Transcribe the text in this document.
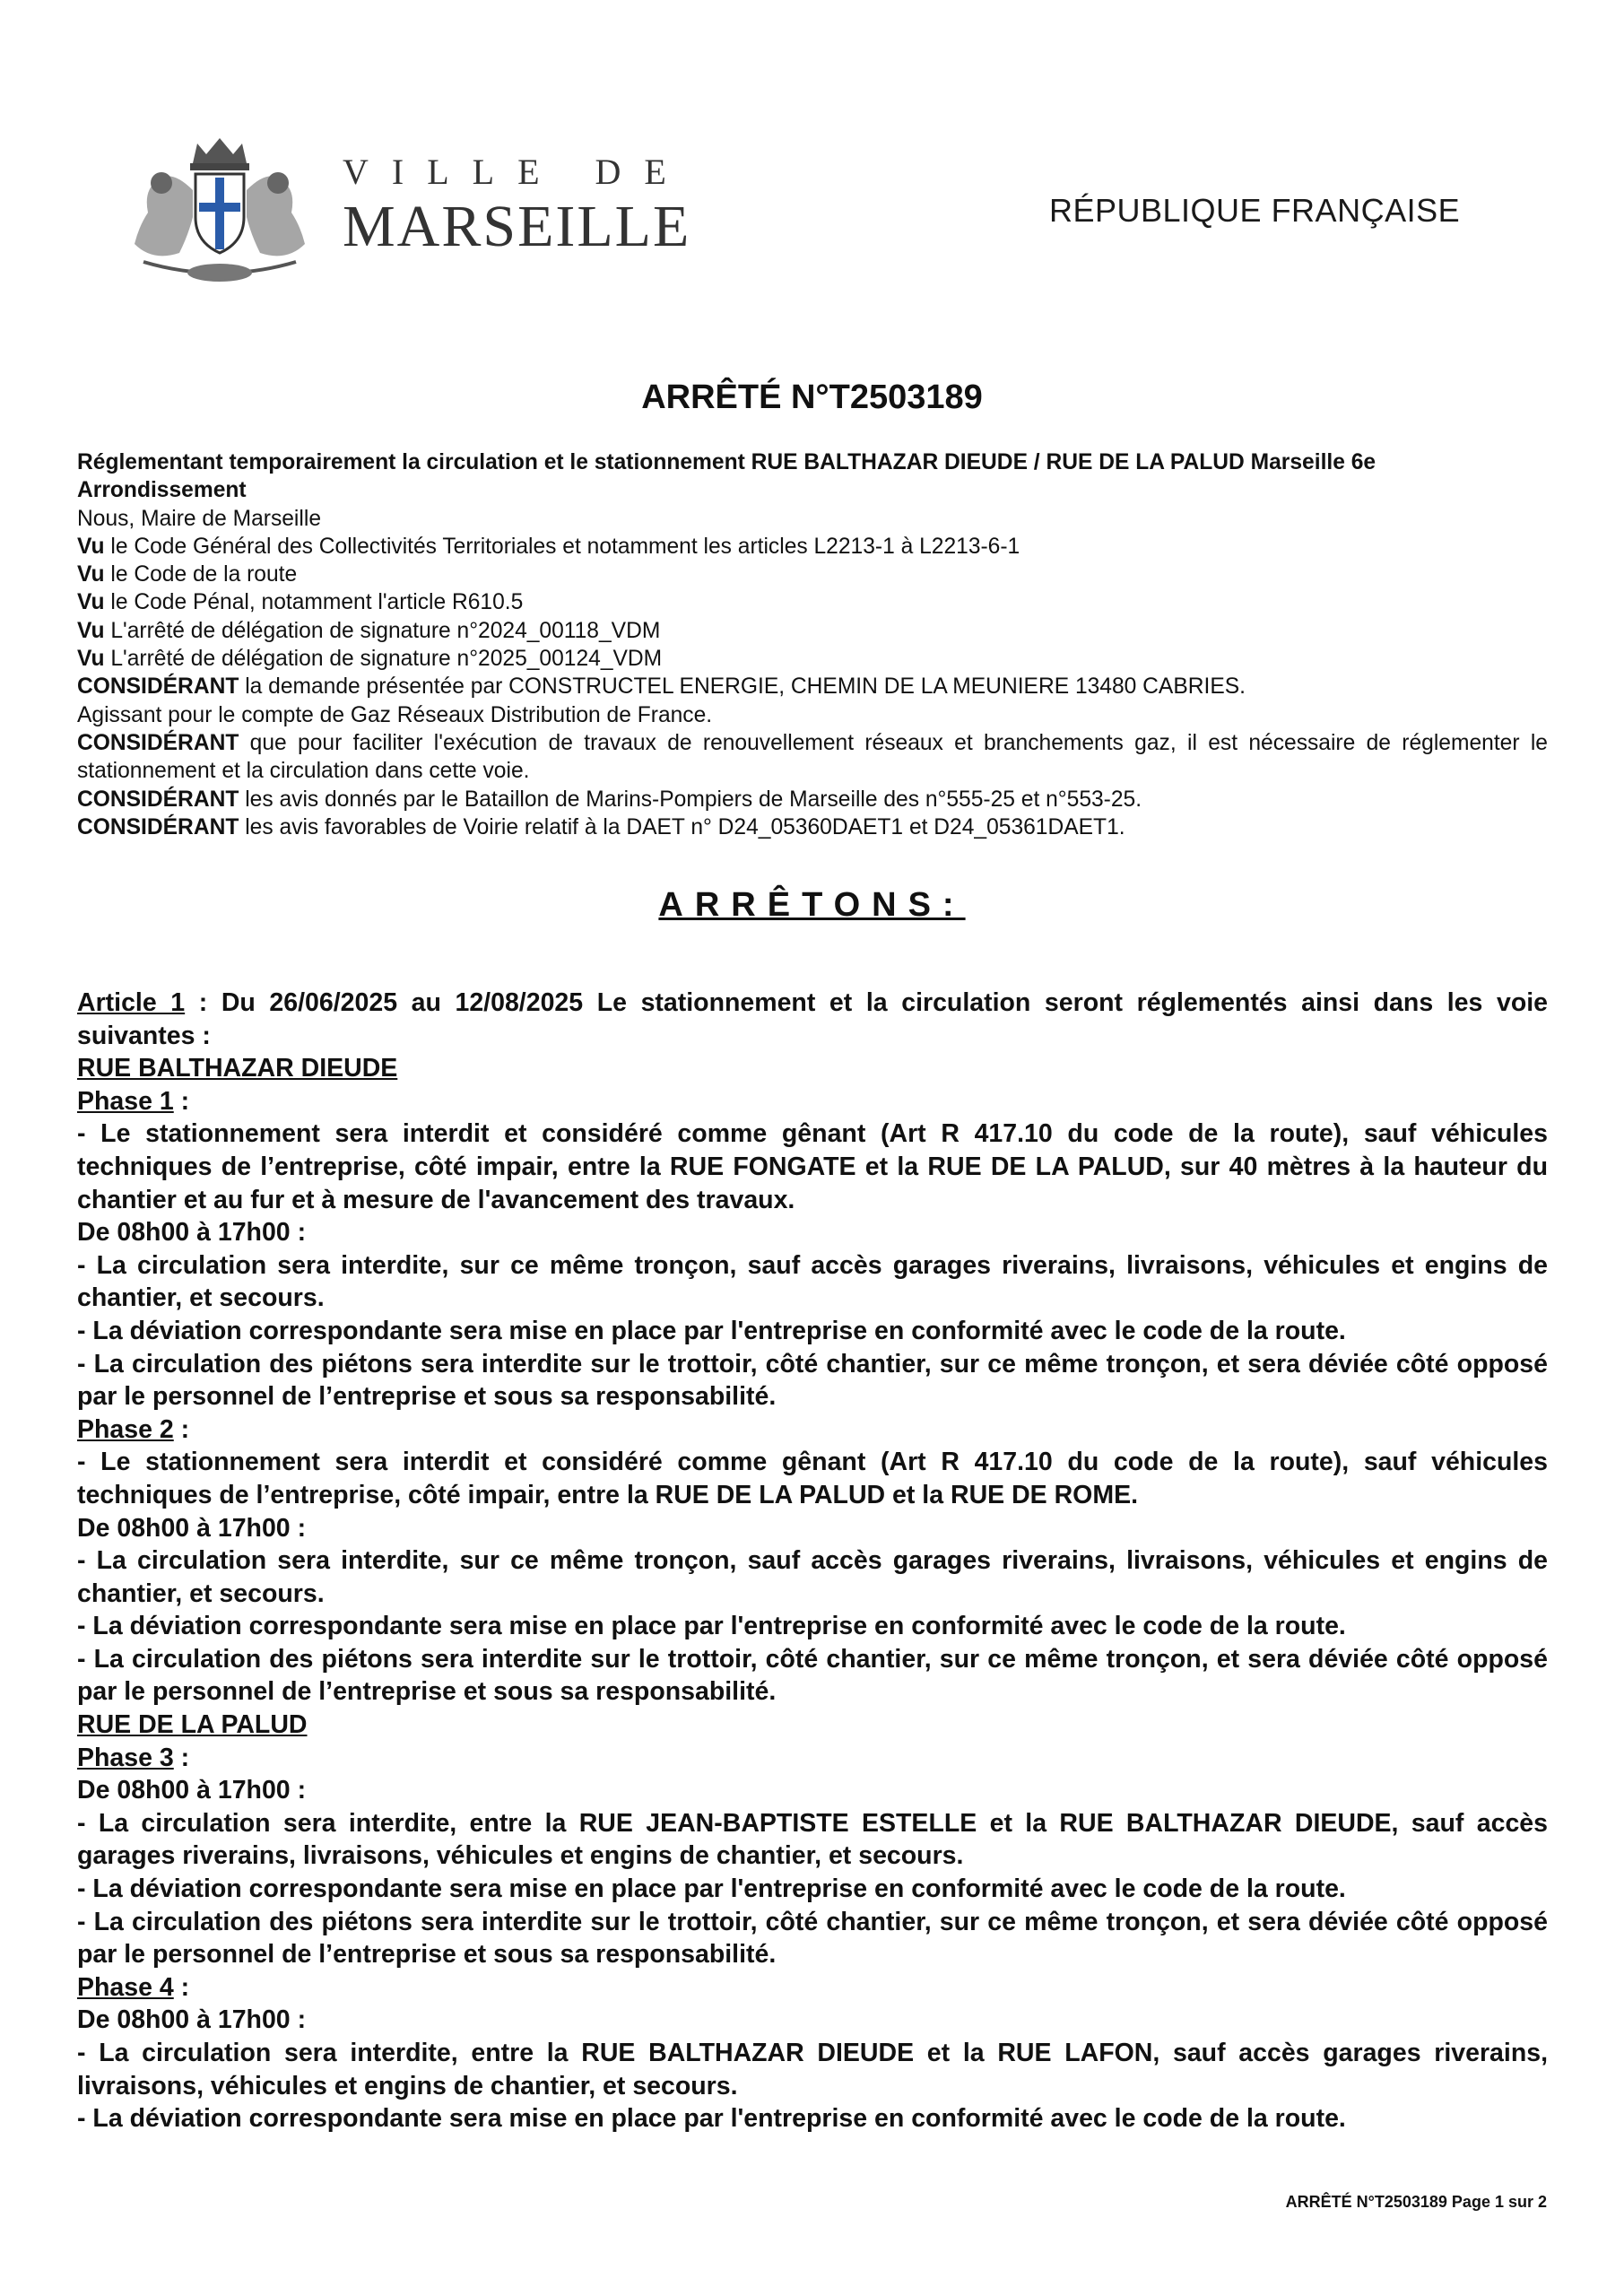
VILLE DE
MARSEILLE	RÉPUBLIQUE FRANÇAISE
ARRÊTÉ N°T2503189

Réglementant temporairement la circulation et le stationnement RUE BALTHAZAR DIEUDE / RUE DE LA PALUD Marseille 6e Arrondissement

Nous, Maire de Marseille

Vu le Code Général des Collectivités Territoriales et notamment les articles L2213-1 à L2213-6-1

Vu le Code de la route

Vu le Code Pénal, notamment l'article R610.5

Vu L'arrêté de délégation de signature n°2024_00118_VDM

Vu L'arrêté de délégation de signature n°2025_00124_VDM

CONSIDÉRANT la demande présentée par CONSTRUCTEL ENERGIE, CHEMIN DE LA MEUNIERE 13480 CABRIES.

Agissant pour le compte de Gaz Réseaux Distribution de France.

CONSIDÉRANT que pour faciliter l'exécution de travaux de renouvellement réseaux et branchements gaz, il est nécessaire de réglementer le stationnement et la circulation dans cette voie.

CONSIDÉRANT les avis donnés par le Bataillon de Marins-Pompiers de Marseille des n°555-25 et n°553-25.

CONSIDÉRANT les avis favorables de Voirie relatif à la DAET n° D24_05360DAET1 et D24_05361DAET1.

ARRÊTONS:

Article 1 : Du 26/06/2025 au 12/08/2025 Le stationnement et la circulation seront réglementés ainsi dans les voie suivantes :

RUE BALTHAZAR DIEUDE

Phase 1 :

- Le stationnement sera interdit et considéré comme gênant (Art R 417.10 du code de la route), sauf véhicules techniques de l’entreprise, côté impair, entre la RUE FONGATE et la RUE DE LA PALUD, sur 40 mètres à la hauteur du chantier et au fur et à mesure de l'avancement des travaux.

De 08h00 à 17h00 :

- La circulation sera interdite, sur ce même tronçon, sauf accès garages riverains, livraisons, véhicules et engins de chantier, et secours.

- La déviation correspondante sera mise en place par l'entreprise en conformité avec le code de la route.

- La circulation des piétons sera interdite sur le trottoir, côté chantier, sur ce même tronçon, et sera déviée côté opposé par le personnel de l’entreprise et sous sa responsabilité.

Phase 2 :

- Le stationnement sera interdit et considéré comme gênant (Art R 417.10 du code de la route), sauf véhicules techniques de l’entreprise, côté impair, entre la RUE DE LA PALUD et la RUE DE ROME.

De 08h00 à 17h00 :

- La circulation sera interdite, sur ce même tronçon, sauf accès garages riverains, livraisons, véhicules et engins de chantier, et secours.

- La déviation correspondante sera mise en place par l'entreprise en conformité avec le code de la route.

- La circulation des piétons sera interdite sur le trottoir, côté chantier, sur ce même tronçon, et sera déviée côté opposé par le personnel de l’entreprise et sous sa responsabilité.

RUE DE LA PALUD

Phase 3 :

De 08h00 à 17h00 :

- La circulation sera interdite, entre la RUE JEAN-BAPTISTE ESTELLE et la RUE BALTHAZAR DIEUDE, sauf accès garages riverains, livraisons, véhicules et engins de chantier, et secours.

- La déviation correspondante sera mise en place par l'entreprise en conformité avec le code de la route.

- La circulation des piétons sera interdite sur le trottoir, côté chantier, sur ce même tronçon, et sera déviée côté opposé par le personnel de l’entreprise et sous sa responsabilité.

Phase 4 :

De 08h00 à 17h00 :

- La circulation sera interdite, entre la RUE BALTHAZAR DIEUDE et la RUE LAFON, sauf accès garages riverains, livraisons, véhicules et engins de chantier, et secours.

- La déviation correspondante sera mise en place par l'entreprise en conformité avec le code de la route.

ARRÊTÉ N°T2503189 Page 1 sur 2
